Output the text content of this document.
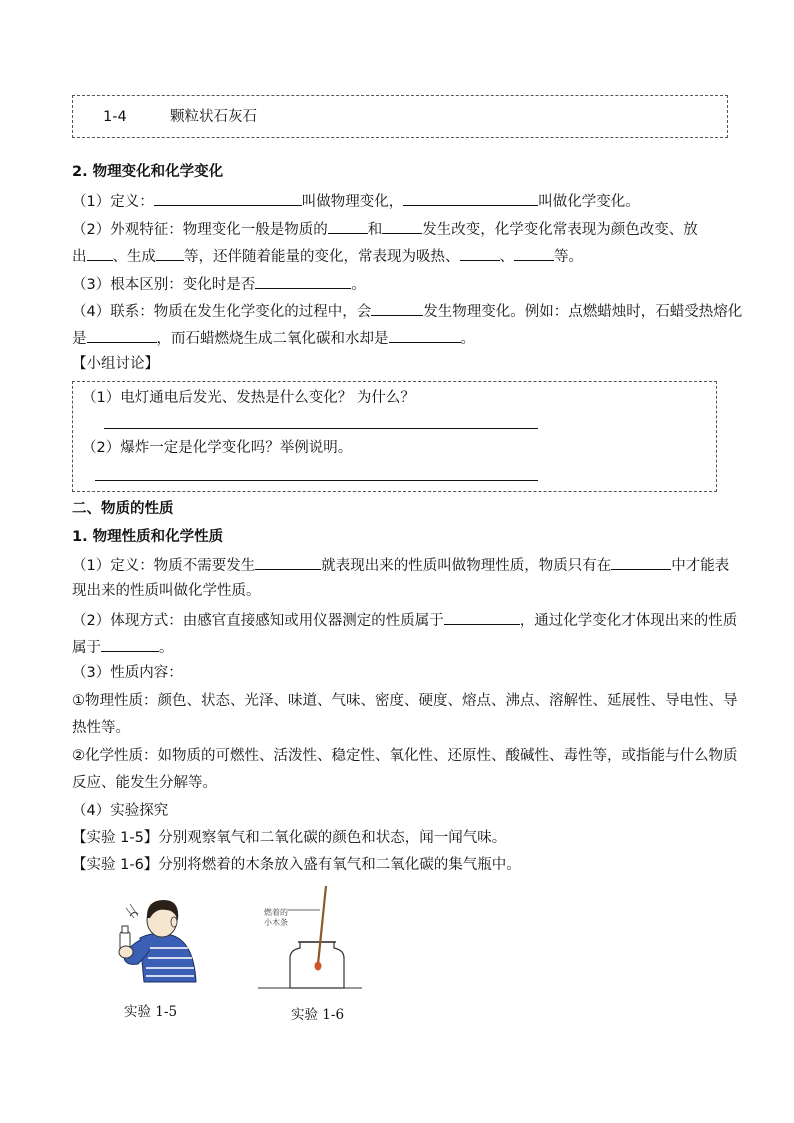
1-4	颗粒状石灰石
2. 物理变化和化学变化
（1）定义：	叫做物理变化，	叫做化学变化。
（2）外观特征：物理变化一般是物质的	和	发生改变，化学变化常表现为颜色改变、放
出 、生成 等，还伴随着能量的变化，常表现为吸热、	、	等。
（3）根本区别：变化时是否	。
（4）联系：物质在发生化学变化的过程中，会	发生物理变化。例如：点燃蜡烛时，石蜡受热熔化
是	，而石蜡燃烧生成二氧化碳和水却是	。
【小组讨论】
（1）电灯通电后发光、发热是什么变化？ 为什么？
（2）爆炸一定是化学变化吗？举例说明。
二、物质的性质
1. 物理性质和化学性质
（1）定义：物质不需要发生	就表现出来的性质叫做物理性质，物质只有在	中才能表
现出来的性质叫做化学性质。
（2）体现方式：由感官直接感知或用仪器测定的性质属于	，通过化学变化才体现出来的性质
属于	。
（3）性质内容：
①物理性质：颜色、状态、光泽、味道、气味、密度、硬度、熔点、沸点、溶解性、延展性、导电性、导
热性等。
②化学性质：如物质的可燃性、活泼性、稳定性、氧化性、还原性、酸碱性、毒性等，或指能与什么物质
反应、能发生分解等。
（4）实验探究
【实验 1-5】分别观察氧气和二氧化碳的颜色和状态，闻一闻气味。
【实验 1-6】分别将燃着的木条放入盛有氧气和二氧化碳的集气瓶中。
实验 1-5
燃着的小木条
实验 1-6
